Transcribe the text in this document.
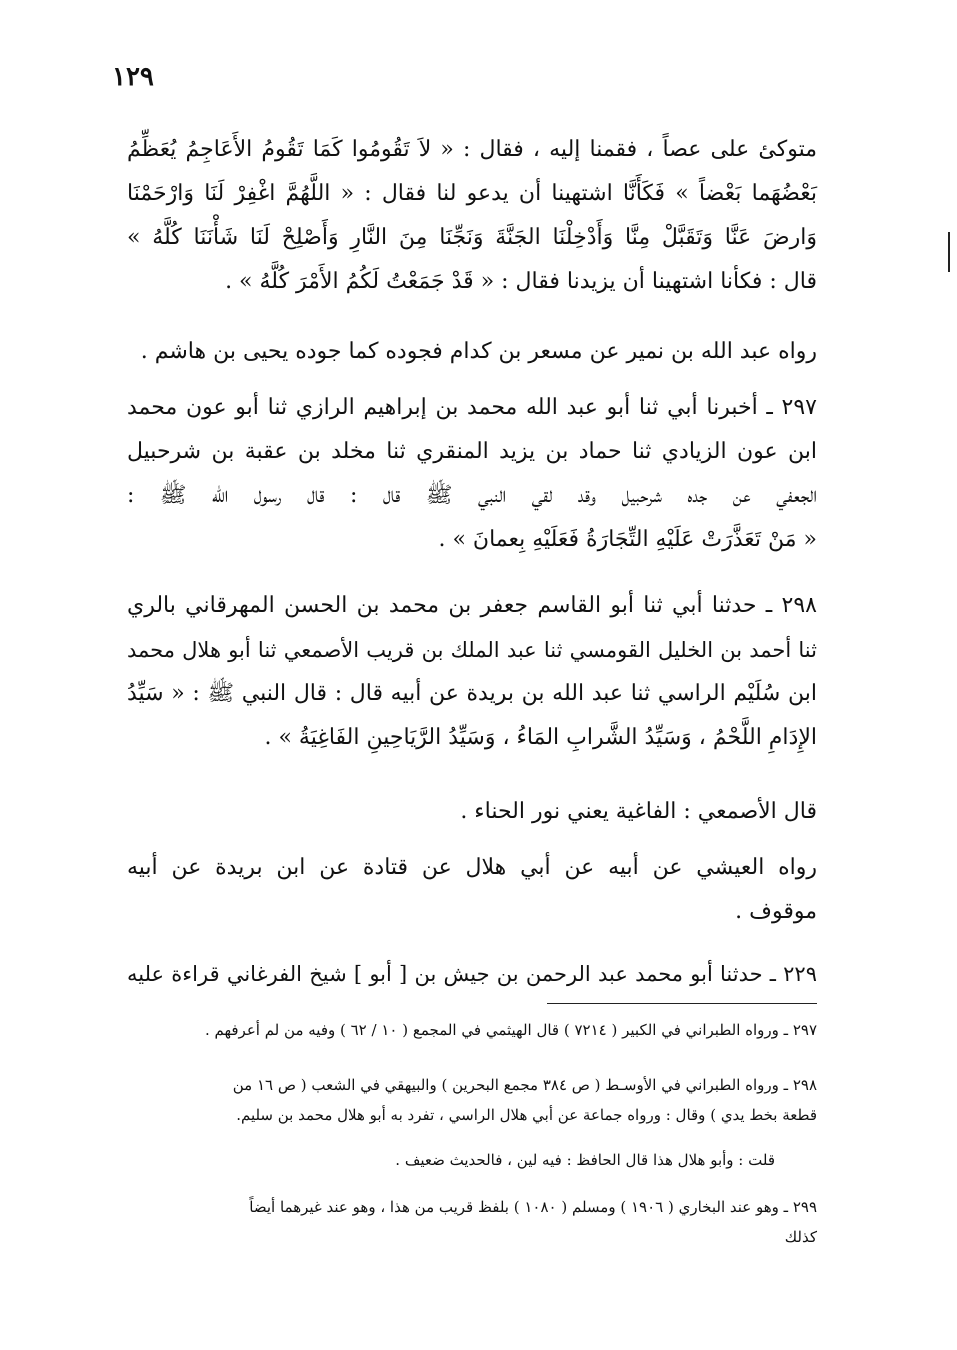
١٢٩
متوكئ على عصاً ، فقمنا إليه ، فقال : « لاَ تَقُومُوا كَمَا تَقُومُ الأَعَاجِمُ يُعَظِّمُ
بَعْضُهَما بَعْضاً » فَكَأَنَّا اشتهينا أن يدعو لنا فقال : « اللَّهُمَّ اغْفِرْ لَنَا وَارْحَمْنَا
وَارضَ عَنَّا وَتَقَبَّلْ مِنَّا وَأَدْخِلْنَا الجَنَّةَ وَنَجِّنَا مِنَ النَّارِ وَأَصْلِحْ لَنَا شَأْنَنَا كُلَّهُ »
قال : فكأنا اشتهينا أن يزيدنا فقال : « قَدْ جَمَعْتُ لَكُمُ الأَمْرَ كُلَّهُ » .
رواه عبد الله بن نمير عن مسعر بن كدام فجوده كما جوده يحيى بن هاشم .
٢٩٧ ـ أخبرنا أبي ثنا أبو عبد الله محمد بن إبراهيم الرازي ثنا أبو عون محمد
ابن عون الزيادي ثنا حماد بن يزيد المنقري ثنا مخلد بن عقبة بن شرحبيل
الجعفي عن جده شرحبيل وقد لقي النبي ﷺ قال : قال رسول الله ﷺ :
« مَنْ تَعَذَّرَتْ عَلَيْهِ التِّجَارَةُ فَعَلَيْهِ بِعمانَ » .
٢٩٨ ـ حدثنا أبي ثنا أبو القاسم جعفر بن محمد بن الحسن المهرقاني بالري
ثنا أحمد بن الخليل القومسي ثنا عبد الملك بن قريب الأصمعي ثنا أبو هلال محمد
ابن سُلَيْم الراسي ثنا عبد الله بن بريدة عن أبيه قال : قال النبي ﷺ : « سَيِّدُ
الإِدَامِ اللَّحْمُ ، وَسَيِّدُ الشَّرابِ المَاءُ ، وَسَيِّدُ الرَّيَاحِينِ الفَاغِيَةُ » .
قال الأصمعي : الفاغية يعني نور الحناء .
رواه العيشي عن أبيه عن أبي هلال عن قتادة عن ابن بريدة عن أبيه
موقوف .
٢٢٩ ـ حدثنا أبو محمد عبد الرحمن بن جيش بن [ أبو ] شيخ الفرغاني قراءة عليه
٢٩٧ ـ ورواه الطبراني في الكبير ( ٧٢١٤ ) قال الهيثمي في المجمع ( ١٠ / ٦٢ ) وفيه من لم أعرفهم .
٢٩٨ ـ ورواه الطبراني في الأوسـط ( ص ٣٨٤ مجمع البحرين ) والبيهقي في الشعب ( ص ١٦ من
قطعة بخط يدي ) وقال : ورواه جماعة عن أبي هلال الراسي ، تفرد به أبو هلال محمد بن سليم.
قلت : وأبو هلال هذا قال الحافظ : فيه لين ، فالحديث ضعيف .
٢٩٩ ـ وهو عند البخاري ( ١٩٠٦ ) ومسلم ( ١٠٨٠ ) بلفظ قريب من هذا ، وهو عند غيرهما أيضاً
كذلك
